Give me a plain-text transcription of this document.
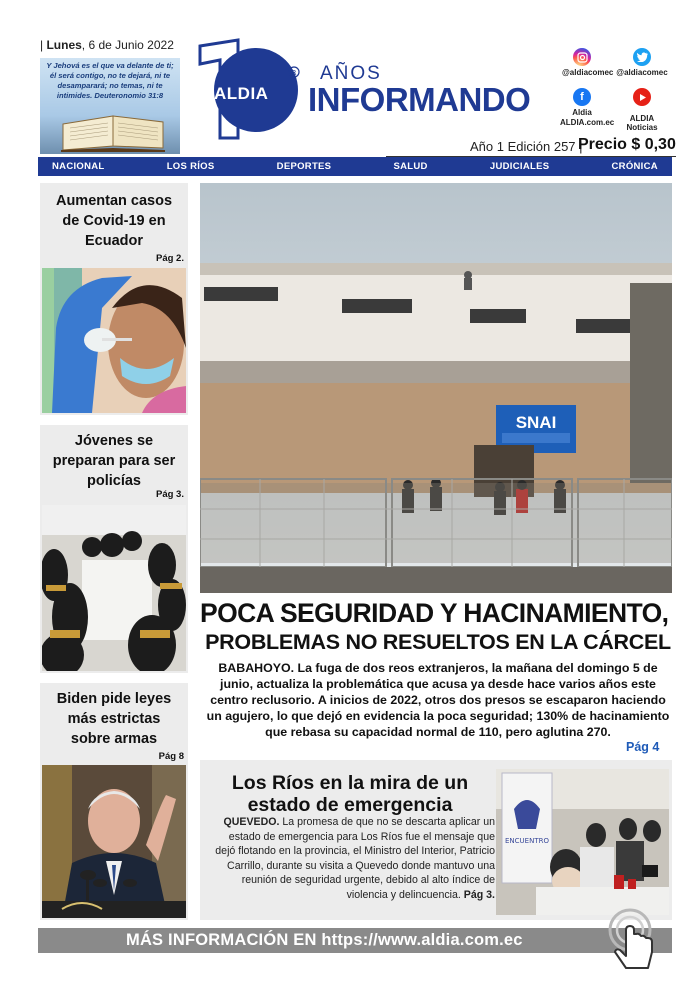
| Lunes, 6 de Junio 2022
Y Jehová es el que va delante de ti; él será contigo, no te dejará, ni te desamparará; no temas, ni te intimides. Deuteronomio 31:8
R
ALDIA
AÑOS
INFORMANDO
@aldiacomec @aldiacomec
f
Aldia ALDIA.com.ec	ALDIA Noticias
Año 1 Edición 257 |
Precio $ 0,30
NACIONAL	LOS RÍOS	DEPORTES	SALUD	JUDICIALES	CRÓNICA
Aumentan casos de Covid-19 en Ecuador
Pág 2.
Jóvenes se preparan para ser policías
Pág 3.
Biden pide leyes más estrictas sobre armas
Pág 8
SNAI
POCA SEGURIDAD Y HACINAMIENTO,
PROBLEMAS NO RESUELTOS EN LA CÁRCEL
BABAHOYO. La fuga de dos reos extranjeros, la mañana del domingo 5 de junio, actualiza la problemática que acusa ya desde hace varios años este centro reclusorio. A inicios de 2022, otros dos presos se escaparon haciendo un agujero, lo que dejó en evidencia la poca seguridad; 130% de hacinamiento que rebasa su capacidad normal de 110, pero aglutina 270.
Pág 4
Los Ríos en la mira de un estado de emergencia
QUEVEDO. La promesa de que no se descarta aplicar un estado de emergencia para Los Ríos fue el mensaje que dejó flotando en la provincia, el Ministro del Interior, Patricio Carrillo, durante su visita a Quevedo donde mantuvo una reunión de seguridad urgente, debido al alto índice de violencia y delincuencia. Pág 3.
ENCUENTRO
MÁS INFORMACIÓN EN https://www.aldia.com.ec
